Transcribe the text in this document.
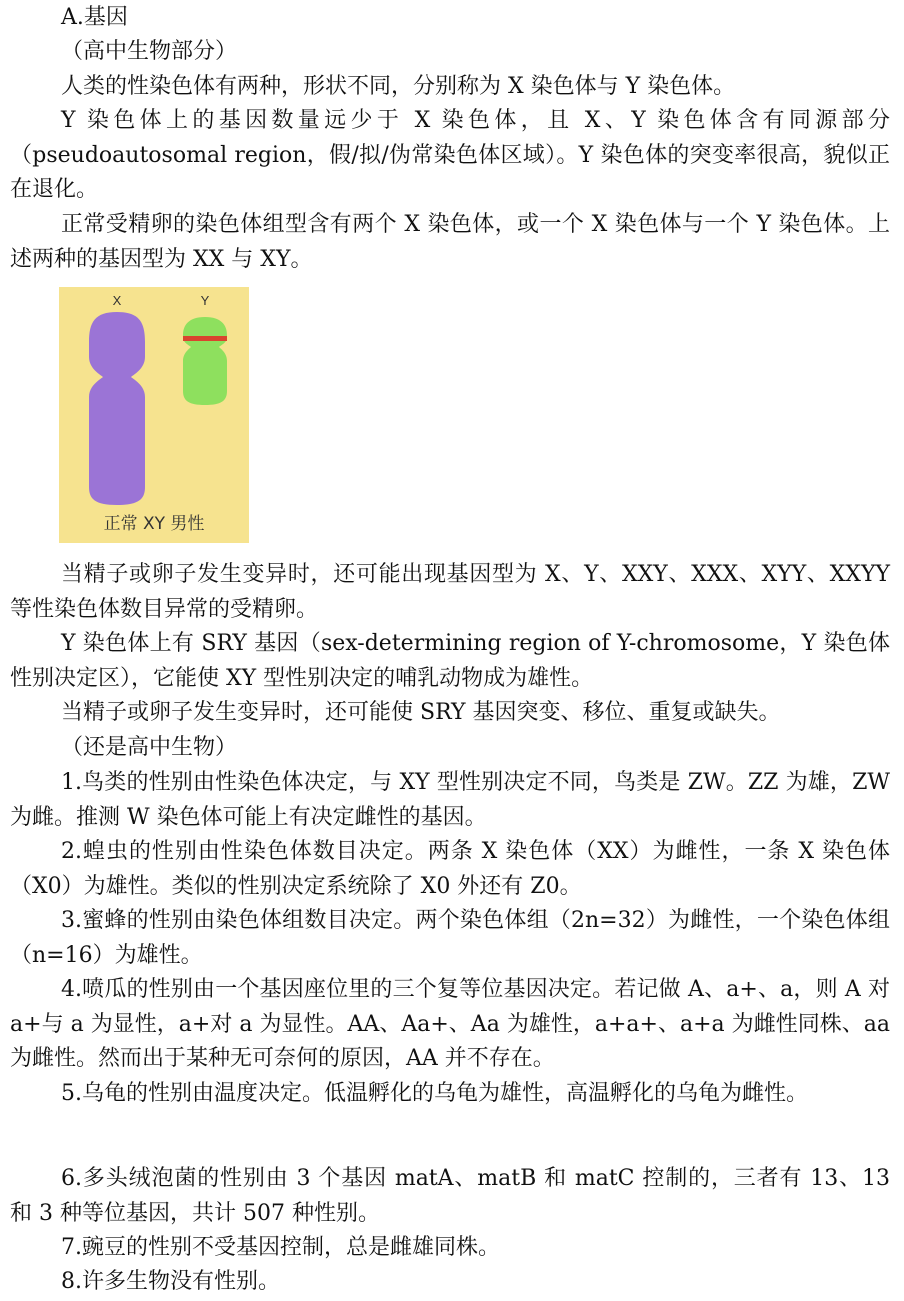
A.基因

（高中生物部分）

人类的性染色体有两种，形状不同，分别称为 X 染色体与 Y 染色体。

Y 染色体上的基因数量远少于 X 染色体，且 X、Y 染色体含有同源部分（pseudoautosomal region，假/拟/伪常染色体区域）。Y 染色体的突变率很高，貌似正在退化。

正常受精卵的染色体组型含有两个 X 染色体，或一个 X 染色体与一个 Y 染色体。上述两种的基因型为 XX 与 XY。

X	Y
正常 XY 男性

当精子或卵子发生变异时，还可能出现基因型为 X、Y、XXY、XXX、XYY、XXYY 等性染色体数目异常的受精卵。

Y 染色体上有 SRY 基因（sex-determining region of Y-chromosome，Y 染色体性别决定区），它能使 XY 型性别决定的哺乳动物成为雄性。

当精子或卵子发生变异时，还可能使 SRY 基因突变、移位、重复或缺失。

（还是高中生物）

1.鸟类的性别由性染色体决定，与 XY 型性别决定不同，鸟类是 ZW。ZZ 为雄，ZW 为雌。推测 W 染色体可能上有决定雌性的基因。

2.蝗虫的性别由性染色体数目决定。两条 X 染色体（XX）为雌性，一条 X 染色体（X0）为雄性。类似的性别决定系统除了 X0 外还有 Z0。

3.蜜蜂的性别由染色体组数目决定。两个染色体组（2n=32）为雌性，一个染色体组（n=16）为雄性。

4.喷瓜的性别由一个基因座位里的三个复等位基因决定。若记做 A、a+、a，则 A 对 a+与 a 为显性，a+对 a 为显性。AA、Aa+、Aa 为雄性，a+a+、a+a 为雌性同株、aa 为雌性。然而出于某种无可奈何的原因，AA 并不存在。

5.乌龟的性别由温度决定。低温孵化的乌龟为雄性，高温孵化的乌龟为雌性。

6.多头绒泡菌的性别由 3 个基因 matA、matB 和 matC 控制的，三者有 13、13 和 3 种等位基因，共计 507 种性别。

7.豌豆的性别不受基因控制，总是雌雄同株。

8.许多生物没有性别。
